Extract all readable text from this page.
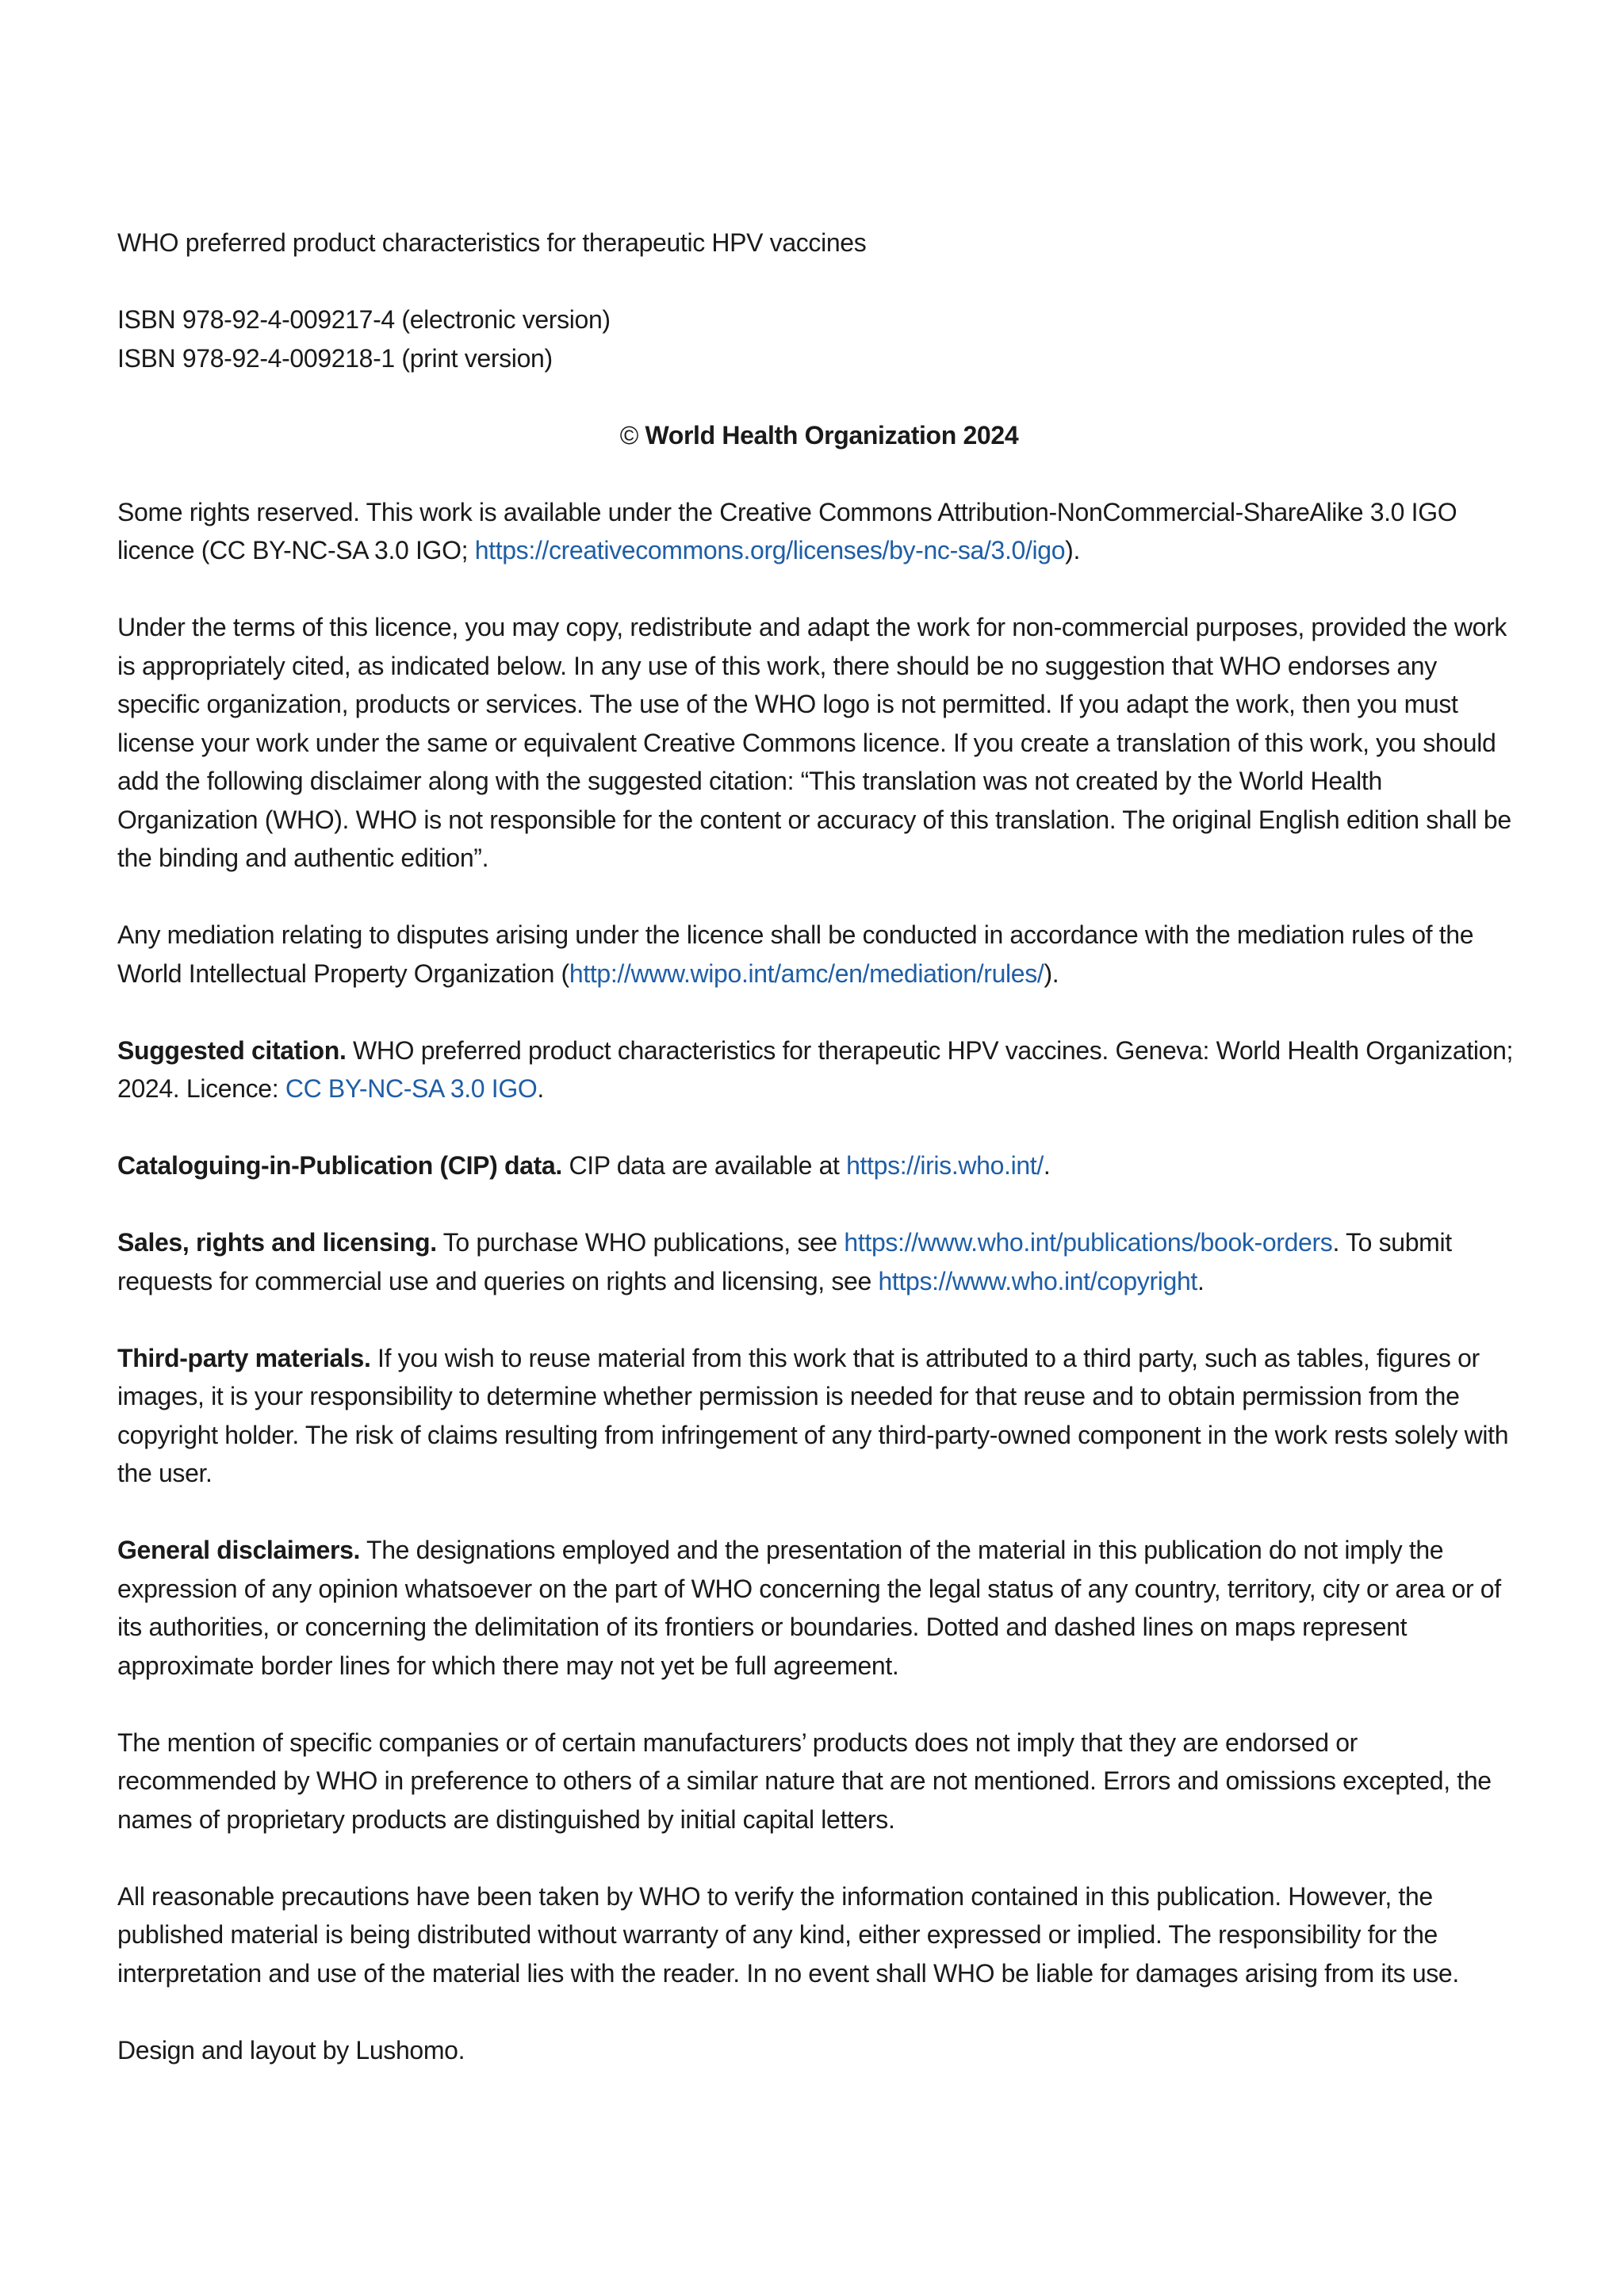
WHO preferred product characteristics for therapeutic HPV vaccines

ISBN 978-92-4-009217-4 (electronic version)

ISBN 978-92-4-009218-1 (print version)

© World Health Organization 2024

Some rights reserved. This work is available under the Creative Commons Attribution-NonCommercial-ShareAlike 3.0 IGO licence (CC BY-NC-SA 3.0 IGO; https://creativecommons.org/licenses/by-nc-sa/3.0/igo).

Under the terms of this licence, you may copy, redistribute and adapt the work for non-commercial purposes, provided the work is appropriately cited, as indicated below. In any use of this work, there should be no suggestion that WHO endorses any specific organization, products or services. The use of the WHO logo is not permitted. If you adapt the work, then you must license your work under the same or equivalent Creative Commons licence. If you create a translation of this work, you should add the following disclaimer along with the suggested citation: “This translation was not created by the World Health Organization (WHO). WHO is not responsible for the content or accuracy of this translation. The original English edition shall be the binding and authentic edition”.

Any mediation relating to disputes arising under the licence shall be conducted in accordance with the mediation rules of the World Intellectual Property Organization (http://www.wipo.int/amc/en/mediation/rules/).

Suggested citation. WHO preferred product characteristics for therapeutic HPV vaccines. Geneva: World Health Organization; 2024. Licence: CC BY-NC-SA 3.0 IGO.

Cataloguing-in-Publication (CIP) data. CIP data are available at https://iris.who.int/.

Sales, rights and licensing. To purchase WHO publications, see https://www.who.int/publications/book-orders. To submit requests for commercial use and queries on rights and licensing, see https://www.who.int/copyright.

Third-party materials. If you wish to reuse material from this work that is attributed to a third party, such as tables, figures or images, it is your responsibility to determine whether permission is needed for that reuse and to obtain permission from the copyright holder. The risk of claims resulting from infringement of any third-party-owned component in the work rests solely with the user.

General disclaimers. The designations employed and the presentation of the material in this publication do not imply the expression of any opinion whatsoever on the part of WHO concerning the legal status of any country, territory, city or area or of its authorities, or concerning the delimitation of its frontiers or boundaries. Dotted and dashed lines on maps represent approximate border lines for which there may not yet be full agreement.

The mention of specific companies or of certain manufacturers’ products does not imply that they are endorsed or recommended by WHO in preference to others of a similar nature that are not mentioned. Errors and omissions excepted, the names of proprietary products are distinguished by initial capital letters.

All reasonable precautions have been taken by WHO to verify the information contained in this publication. However, the published material is being distributed without warranty of any kind, either expressed or implied. The responsibility for the interpretation and use of the material lies with the reader. In no event shall WHO be liable for damages arising from its use.

Design and layout by Lushomo.
